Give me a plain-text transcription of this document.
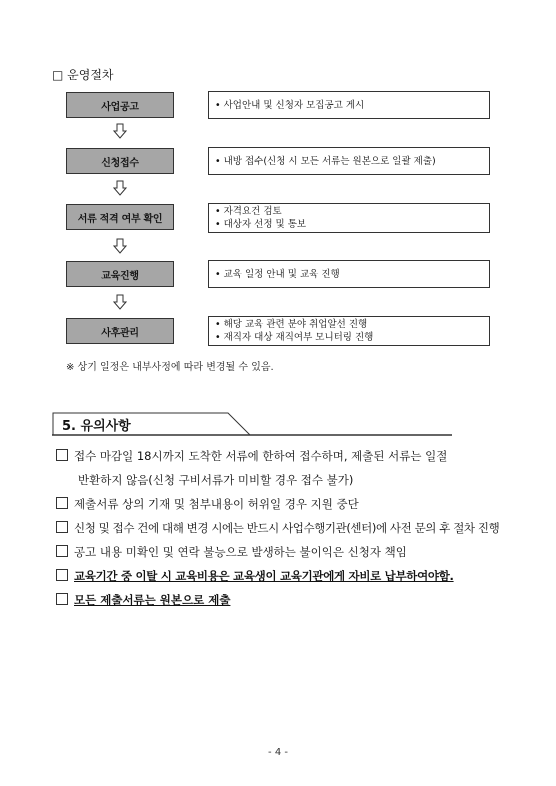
□ 운영절차
사업공고	• 사업안내 및 신청자 모집공고 게시
신청접수	• 내방 접수(신청 시 모든 서류는 원본으로 일괄 제출)
서류 적격 여부 확인
• 자격요건 검토
• 대상자 선정 및 통보
교육진행	• 교육 일정 안내 및 교육 진행
사후관리
• 해당 교육 관련 분야 취업알선 진행
• 재직자 대상 재직여부 모니터링 진행
※ 상기 일정은 내부사정에 따라 변경될 수 있음.
5. 유의사항
접수 마감일 18시까지 도착한 서류에 한하여 접수하며, 제출된 서류는 일절
반환하지 않음(신청 구비서류가 미비할 경우 접수 불가)
제출서류 상의 기재 및 첨부내용이 허위일 경우 지원 중단
신청 및 접수 건에 대해 변경 시에는 반드시 사업수행기관(센터)에 사전 문의 후 절차 진행
공고 내용 미확인 및 연락 불능으로 발생하는 불이익은 신청자 책임
교육기간 중 이탈 시 교육비용은 교육생이 교육기관에게 자비로 납부하여야함.
모든 제출서류는 원본으로 제출
- 4 -
